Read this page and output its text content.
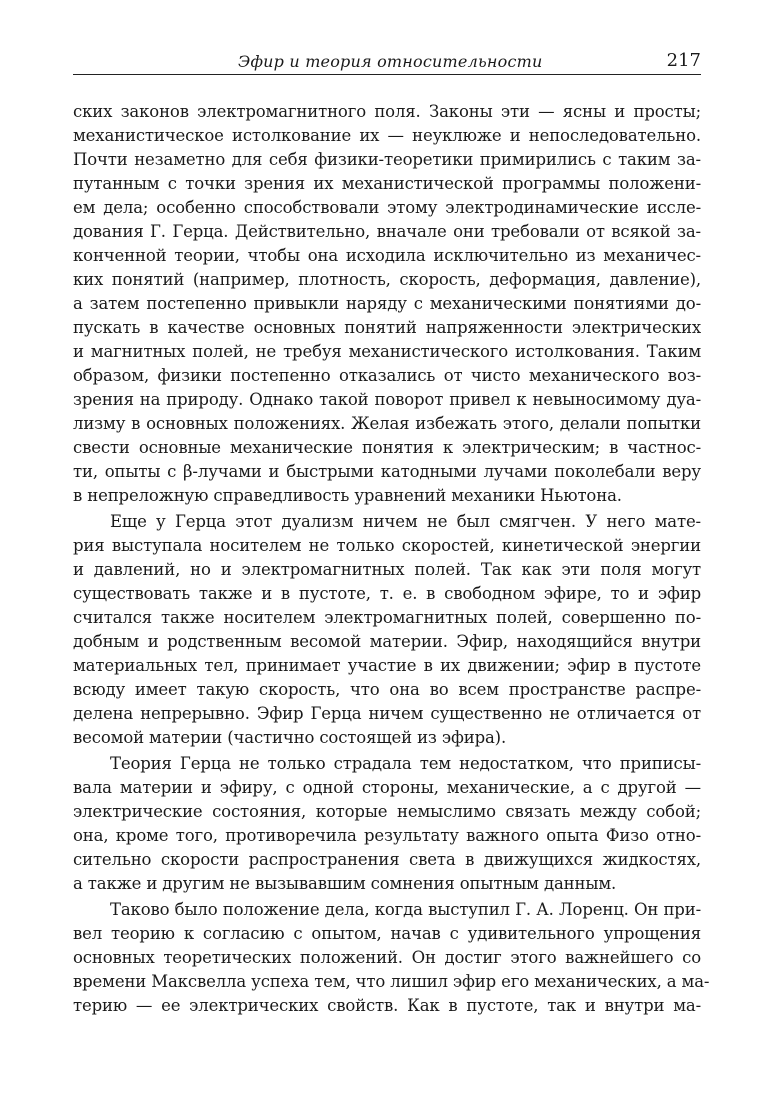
Эфир и теория относительности	217
ских законов электромагнитного поля. Законы эти — ясны и просты;
механистическое истолкование их — неуклюже и непоследовательно.
Почти незаметно для себя физики-теоретики примирились с таким за-
путанным с точки зрения их механистической программы положени-
ем дела; особенно способствовали этому электродинамические иссле-
дования Г. Герца. Действительно, вначале они требовали от всякой за-
конченной теории, чтобы она исходила исключительно из механичес-
ких понятий (например, плотность, скорость, деформация, давление),
а затем постепенно привыкли наряду с механическими понятиями до-
пускать в качестве основных понятий напряженности электрических
и магнитных полей, не требуя механистического истолкования. Таким
образом, физики постепенно отказались от чисто механического воз-
зрения на природу. Однако такой поворот привел к невыносимому дуа-
лизму в основных положениях. Желая избежать этого, делали попытки
свести основные механические понятия к электрическим; в частнос-
ти, опыты с β-лучами и быстрыми катодными лучами поколебали веру
в непреложную справедливость уравнений механики Ньютона.
Еще у Герца этот дуализм ничем не был смягчен. У него мате-
рия выступала носителем не только скоростей, кинетической энергии
и давлений, но и электромагнитных полей. Так как эти поля могут
существовать также и в пустоте, т. е. в свободном эфире, то и эфир
считался также носителем электромагнитных полей, совершенно по-
добным и родственным весомой материи. Эфир, находящийся внутри
материальных тел, принимает участие в их движении; эфир в пустоте
всюду имеет такую скорость, что она во всем пространстве распре-
делена непрерывно. Эфир Герца ничем существенно не отличается от
весомой материи (частично состоящей из эфира).
Теория Герца не только страдала тем недостатком, что приписы-
вала материи и эфиру, с одной стороны, механические, а с другой —
электрические состояния, которые немыслимо связать между собой;
она, кроме того, противоречила результату важного опыта Физо отно-
сительно скорости распространения света в движущихся жидкостях,
а также и другим не вызывавшим сомнения опытным данным.
Таково было положение дела, когда выступил Г. А. Лоренц. Он при-
вел теорию к согласию с опытом, начав с удивительного упрощения
основных теоретических положений. Он достиг этого важнейшего со
времени Максвелла успеха тем, что лишил эфир его механических, а ма-
терию — ее электрических свойств. Как в пустоте, так и внутри ма-
